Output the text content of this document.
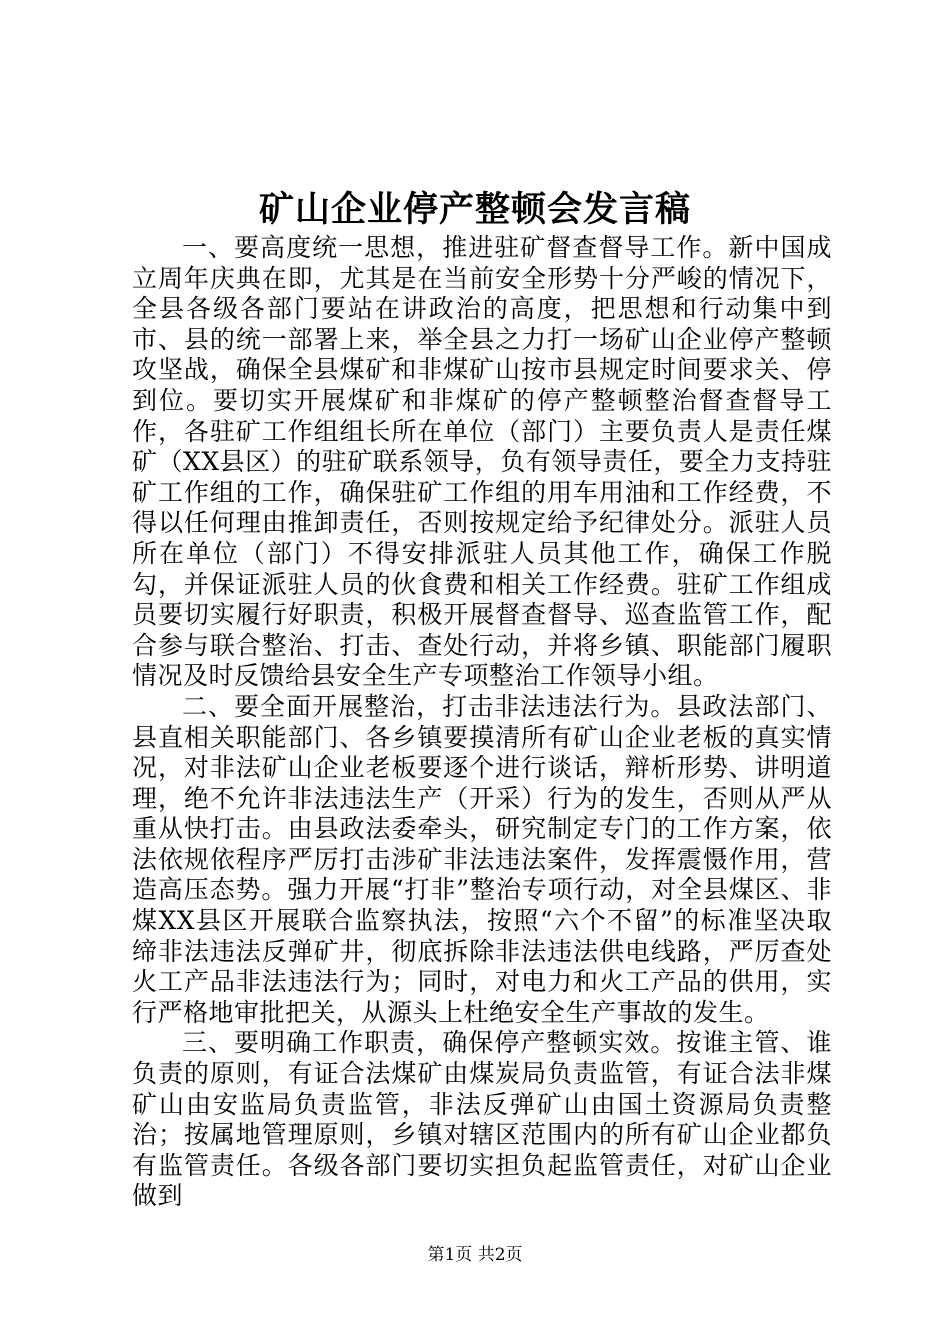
矿山企业停产整顿会发言稿

一、要高度统一思想，推进驻矿督查督导工作。新中国成立周年庆典在即，尤其是在当前安全形势十分严峻的情况下，全县各级各部门要站在讲政治的高度，把思想和行动集中到市、县的统一部署上来，举全县之力打一场矿山企业停产整顿攻坚战，确保全县煤矿和非煤矿山按市县规定时间要求关、停到位。要切实开展煤矿和非煤矿的停产整顿整治督查督导工作，各驻矿工作组组长所在单位（部门）主要负责人是责任煤矿（XX县区）的驻矿联系领导，负有领导责任，要全力支持驻矿工作组的工作，确保驻矿工作组的用车用油和工作经费，不得以任何理由推卸责任，否则按规定给予纪律处分。派驻人员所在单位（部门）不得安排派驻人员其他工作，确保工作脱勾，并保证派驻人员的伙食费和相关工作经费。驻矿工作组成员要切实履行好职责，积极开展督查督导、巡查监管工作，配合参与联合整治、打击、查处行动，并将乡镇、职能部门履职情况及时反馈给县安全生产专项整治工作领导小组。

二、要全面开展整治，打击非法违法行为。县政法部门、县直相关职能部门、各乡镇要摸清所有矿山企业老板的真实情况，对非法矿山企业老板要逐个进行谈话，辩析形势、讲明道理，绝不允许非法违法生产（开采）行为的发生，否则从严从重从快打击。由县政法委牵头，研究制定专门的工作方案，依法依规依程序严厉打击涉矿非法违法案件，发挥震慑作用，营造高压态势。强力开展“打非”整治专项行动，对全县煤区、非煤XX县区开展联合监察执法，按照“六个不留”的标准坚决取缔非法违法反弹矿井，彻底拆除非法违法供电线路，严厉查处火工产品非法违法行为；同时，对电力和火工产品的供用，实行严格地审批把关，从源头上杜绝安全生产事故的发生。

三、要明确工作职责，确保停产整顿实效。按谁主管、谁负责的原则，有证合法煤矿由煤炭局负责监管，有证合法非煤矿山由安监局负责监管，非法反弹矿山由国土资源局负责整治；按属地管理原则，乡镇对辖区范围内的所有矿山企业都负有监管责任。各级各部门要切实担负起监管责任，对矿山企业做到

第1页 共2页
